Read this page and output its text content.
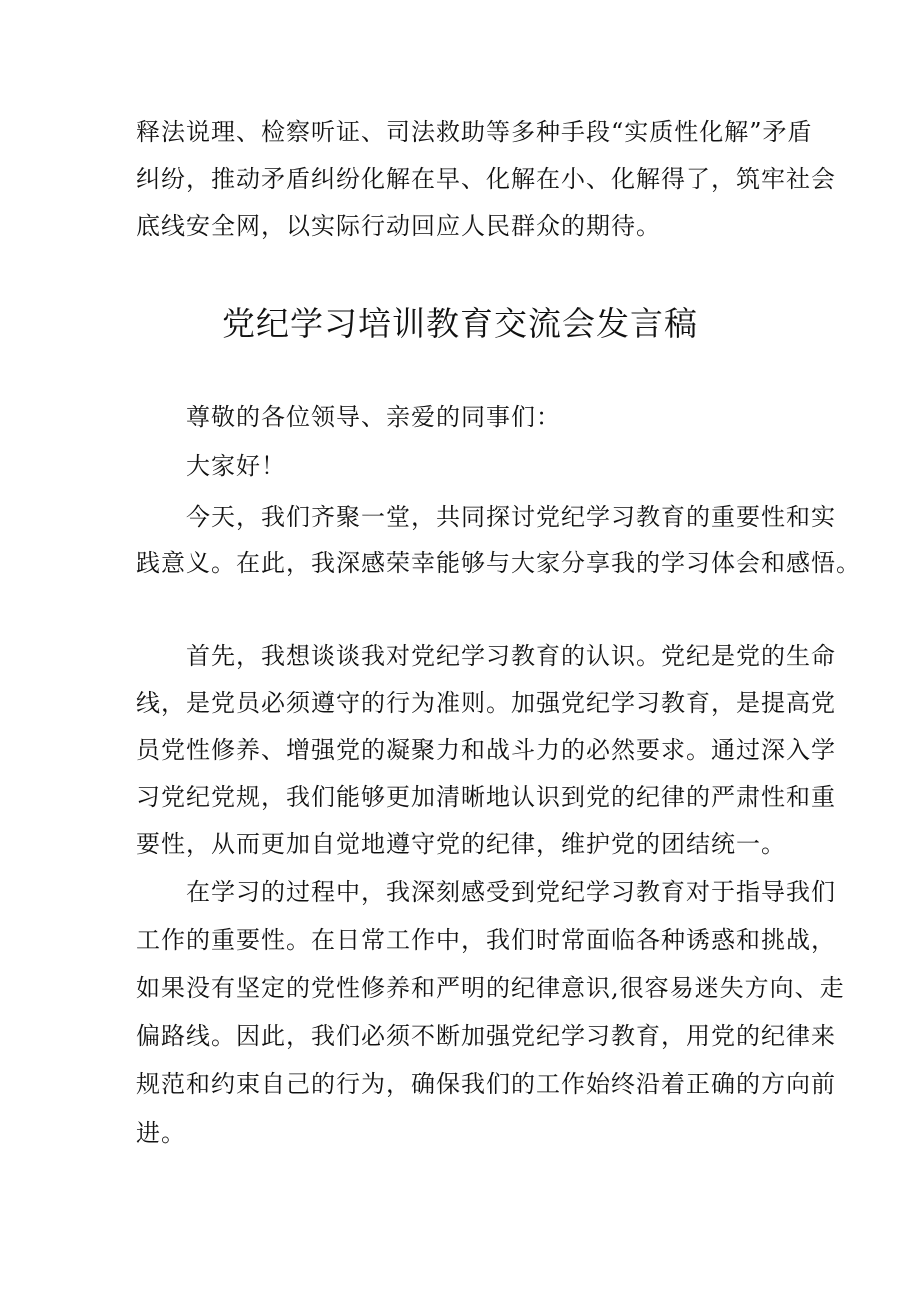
释法说理、检察听证、司法救助等多种手段“实质性化解”矛盾
纠纷，推动矛盾纠纷化解在早、化解在小、化解得了，筑牢社会
底线安全网，以实际行动回应人民群众的期待。
党纪学习培训教育交流会发言稿
尊敬的各位领导、亲爱的同事们：
大家好！
今天，我们齐聚一堂，共同探讨党纪学习教育的重要性和实
践意义。在此，我深感荣幸能够与大家分享我的学习体会和感悟。
首先，我想谈谈我对党纪学习教育的认识。党纪是党的生命
线，是党员必须遵守的行为准则。加强党纪学习教育，是提高党
员党性修养、增强党的凝聚力和战斗力的必然要求。通过深入学
习党纪党规，我们能够更加清晰地认识到党的纪律的严肃性和重
要性，从而更加自觉地遵守党的纪律，维护党的团结统一。
在学习的过程中，我深刻感受到党纪学习教育对于指导我们
工作的重要性。在日常工作中，我们时常面临各种诱惑和挑战，
如果没有坚定的党性修养和严明的纪律意识,很容易迷失方向、走
偏路线。因此，我们必须不断加强党纪学习教育，用党的纪律来
规范和约束自己的行为，确保我们的工作始终沿着正确的方向前
进。
